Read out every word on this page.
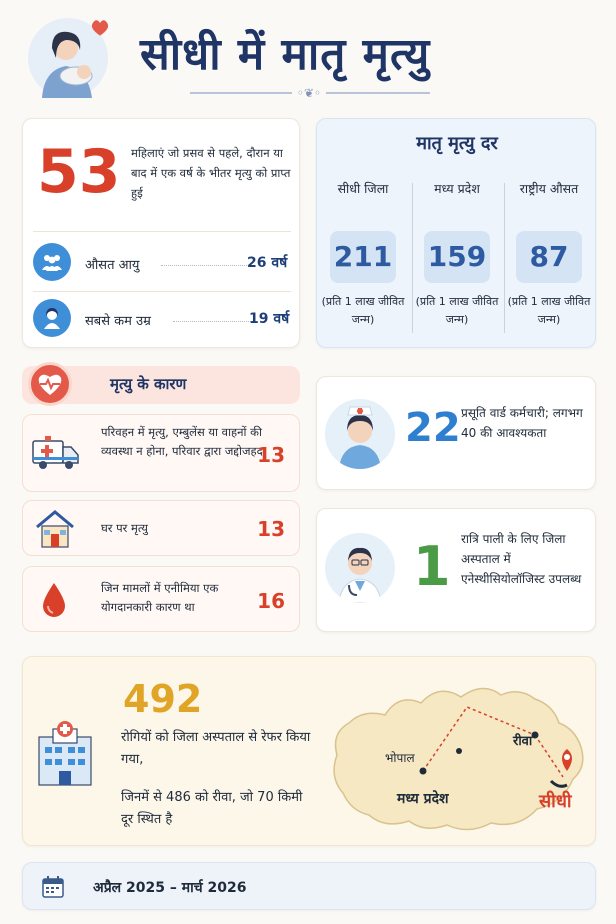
सीधी में मातृ मृत्यु
◦❦◦
53 महिलाएं जो प्रसव से पहले, दौरान या बाद में एक वर्ष के भीतर मृत्यु को प्राप्त हुई
औसत आयु	26 वर्ष
सबसे कम उम्र	19 वर्ष
मातृ मृत्यु दर
सीधी जिला
211
(प्रति 1 लाख जीवित जन्म)
मध्य प्रदेश
159
(प्रति 1 लाख जीवित जन्म)
राष्ट्रीय औसत
87
(प्रति 1 लाख जीवित जन्म)
मृत्यु के कारण
परिवहन में मृत्यु, एम्बुलेंस या वाहनों की व्यवस्था न होना, परिवार द्वारा जद्दोजहद
13
घर पर मृत्यु	13
जिन मामलों में एनीमिया एक योगदानकारी कारण था	16
22 प्रसूति वार्ड कर्मचारी; लगभग 40 की आवश्यकता
1 रात्रि पाली के लिए जिला अस्पताल में एनेस्थीसियोलॉजिस्ट उपलब्ध
492
रोगियों को जिला अस्पताल से रेफर किया गया,
जिनमें से 486 को रीवा, जो 70 किमी दूर स्थित है
भोपाल
मध्य प्रदेश
रीवा
सीधी
अप्रैल 2025 – मार्च 2026
